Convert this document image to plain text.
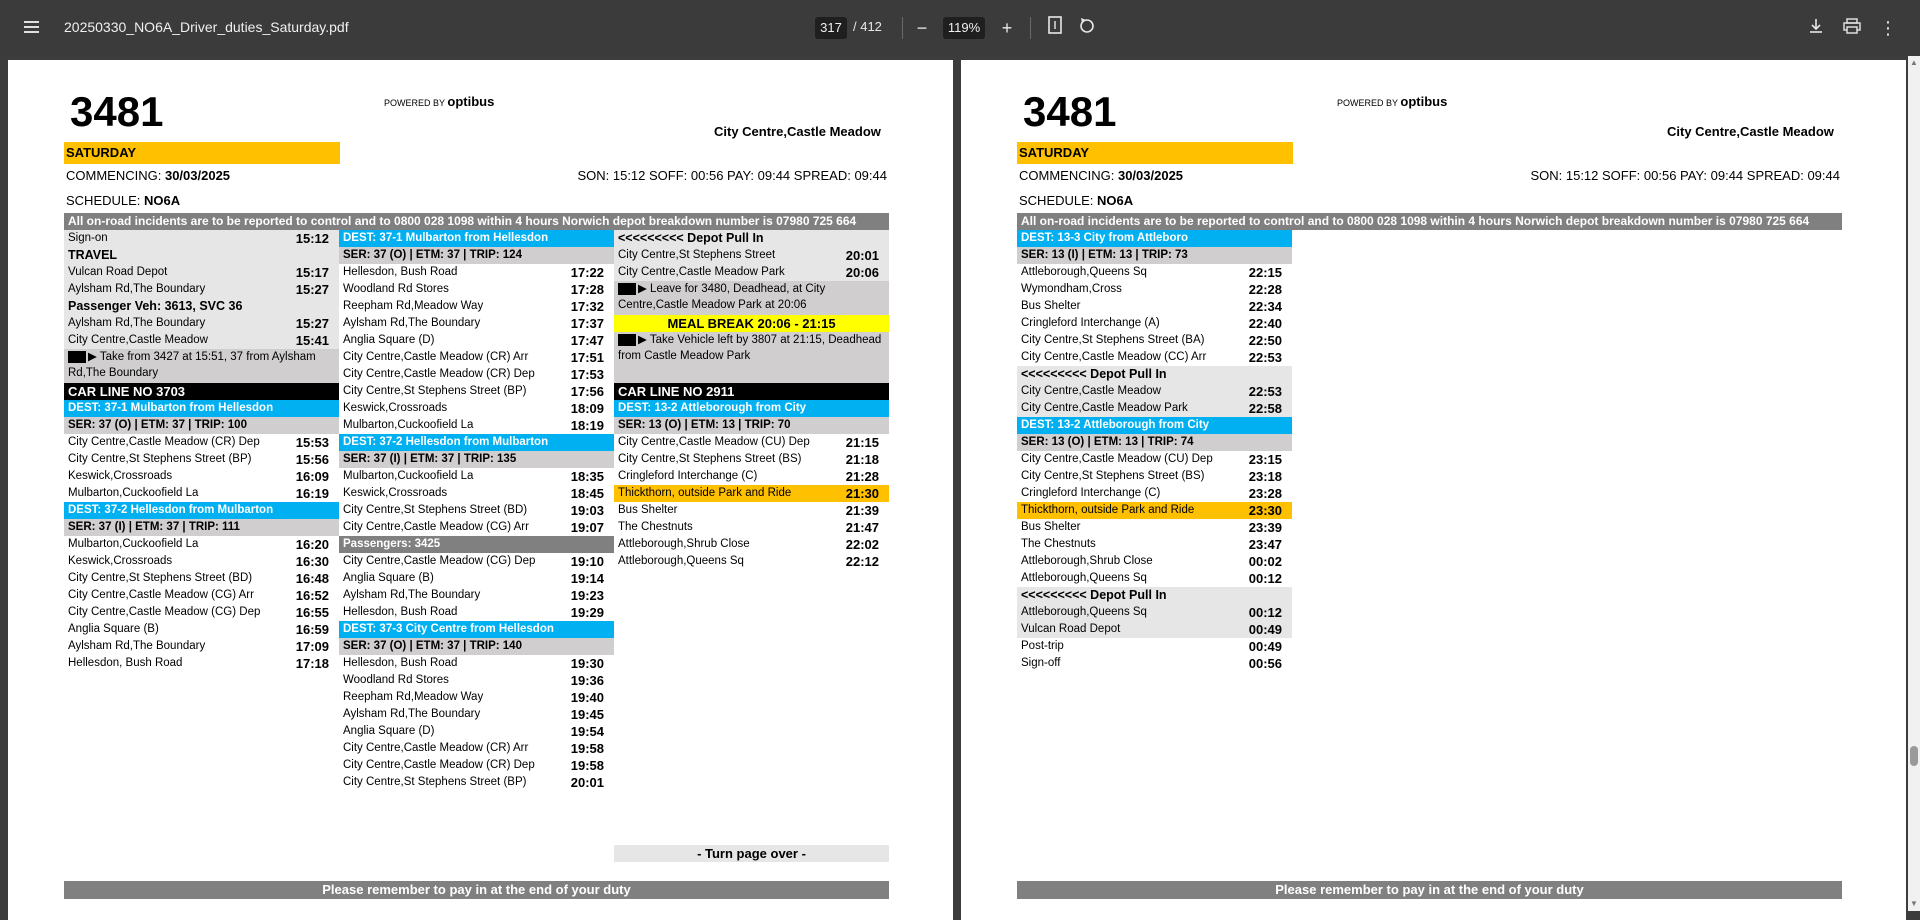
20250330_NO6A_Driver_duties_Saturday.pdf	317 / 412	−	119%	+	⋮
3481	POWERED BY optibus
City Centre,Castle Meadow
SATURDAY
COMMENCING: 30/03/2025	SON: 15:12 SOFF: 00:56 PAY: 09:44 SPREAD: 09:44
SCHEDULE: NO6A
All on-road incidents are to be reported to control and to 0800 028 1098 within 4 hours Norwich depot breakdown number is 07980 725 664
Sign-on	15:12
TRAVEL
Vulcan Road Depot	15:17
Aylsham Rd,The Boundary	15:27
Passenger Veh: 3613, SVC 36
Aylsham Rd,The Boundary	15:27
City Centre,Castle Meadow	15:41
▶ Take from 3427 at 15:51, 37 from Aylsham Rd,The Boundary
CAR LINE NO 3703
DEST: 37-1 Mulbarton from Hellesdon
SER: 37 (O) | ETM: 37 | TRIP: 100
City Centre,Castle Meadow (CR) Dep	15:53
City Centre,St Stephens Street (BP)	15:56
Keswick,Crossroads	16:09
Mulbarton,Cuckoofield La	16:19
DEST: 37-2 Hellesdon from Mulbarton
SER: 37 (I) | ETM: 37 | TRIP: 111
Mulbarton,Cuckoofield La	16:20
Keswick,Crossroads	16:30
City Centre,St Stephens Street (BD)	16:48
City Centre,Castle Meadow (CG) Arr	16:52
City Centre,Castle Meadow (CG) Dep	16:55
Anglia Square (B)	16:59
Aylsham Rd,The Boundary	17:09
Hellesdon, Bush Road	17:18
DEST: 37-1 Mulbarton from Hellesdon
SER: 37 (O) | ETM: 37 | TRIP: 124
Hellesdon, Bush Road	17:22
Woodland Rd Stores	17:28
Reepham Rd,Meadow Way	17:32
Aylsham Rd,The Boundary	17:37
Anglia Square (D)	17:47
City Centre,Castle Meadow (CR) Arr	17:51
City Centre,Castle Meadow (CR) Dep	17:53
City Centre,St Stephens Street (BP)	17:56
Keswick,Crossroads	18:09
Mulbarton,Cuckoofield La	18:19
DEST: 37-2 Hellesdon from Mulbarton
SER: 37 (I) | ETM: 37 | TRIP: 135
Mulbarton,Cuckoofield La	18:35
Keswick,Crossroads	18:45
City Centre,St Stephens Street (BD)	19:03
City Centre,Castle Meadow (CG) Arr	19:07
Passengers: 3425
City Centre,Castle Meadow (CG) Dep	19:10
Anglia Square (B)	19:14
Aylsham Rd,The Boundary	19:23
Hellesdon, Bush Road	19:29
DEST: 37-3 City Centre from Hellesdon
SER: 37 (O) | ETM: 37 | TRIP: 140
Hellesdon, Bush Road	19:30
Woodland Rd Stores	19:36
Reepham Rd,Meadow Way	19:40
Aylsham Rd,The Boundary	19:45
Anglia Square (D)	19:54
City Centre,Castle Meadow (CR) Arr	19:58
City Centre,Castle Meadow (CR) Dep	19:58
City Centre,St Stephens Street (BP)	20:01
<<<<<<<<< Depot Pull In
City Centre,St Stephens Street	20:01
City Centre,Castle Meadow Park	20:06
▶ Leave for 3480, Deadhead, at City Centre,Castle Meadow Park at 20:06
MEAL BREAK 20:06 - 21:15
▶ Take Vehicle left by 3807 at 21:15, Deadhead from Castle Meadow Park
CAR LINE NO 2911
DEST: 13-2 Attleborough from City
SER: 13 (O) | ETM: 13 | TRIP: 70
City Centre,Castle Meadow (CU) Dep	21:15
City Centre,St Stephens Street (BS)	21:18
Cringleford Interchange (C)	21:28
Thickthorn, outside Park and Ride	21:30
Bus Shelter	21:39
The Chestnuts	21:47
Attleborough,Shrub Close	22:02
Attleborough,Queens Sq	22:12
- Turn page over -
Please remember to pay in at the end of your duty
3481	POWERED BY optibus
City Centre,Castle Meadow
SATURDAY
COMMENCING: 30/03/2025	SON: 15:12 SOFF: 00:56 PAY: 09:44 SPREAD: 09:44
SCHEDULE: NO6A
All on-road incidents are to be reported to control and to 0800 028 1098 within 4 hours Norwich depot breakdown number is 07980 725 664
DEST: 13-3 City from Attleboro
SER: 13 (I) | ETM: 13 | TRIP: 73
Attleborough,Queens Sq	22:15
Wymondham,Cross	22:28
Bus Shelter	22:34
Cringleford Interchange (A)	22:40
City Centre,St Stephens Street (BA)	22:50
City Centre,Castle Meadow (CC) Arr	22:53
<<<<<<<<< Depot Pull In
City Centre,Castle Meadow	22:53
City Centre,Castle Meadow Park	22:58
DEST: 13-2 Attleborough from City
SER: 13 (O) | ETM: 13 | TRIP: 74
City Centre,Castle Meadow (CU) Dep	23:15
City Centre,St Stephens Street (BS)	23:18
Cringleford Interchange (C)	23:28
Thickthorn, outside Park and Ride	23:30
Bus Shelter	23:39
The Chestnuts	23:47
Attleborough,Shrub Close	00:02
Attleborough,Queens Sq	00:12
<<<<<<<<< Depot Pull In
Attleborough,Queens Sq	00:12
Vulcan Road Depot	00:49
Post-trip	00:49
Sign-off	00:56
Please remember to pay in at the end of your duty
▲
▼
